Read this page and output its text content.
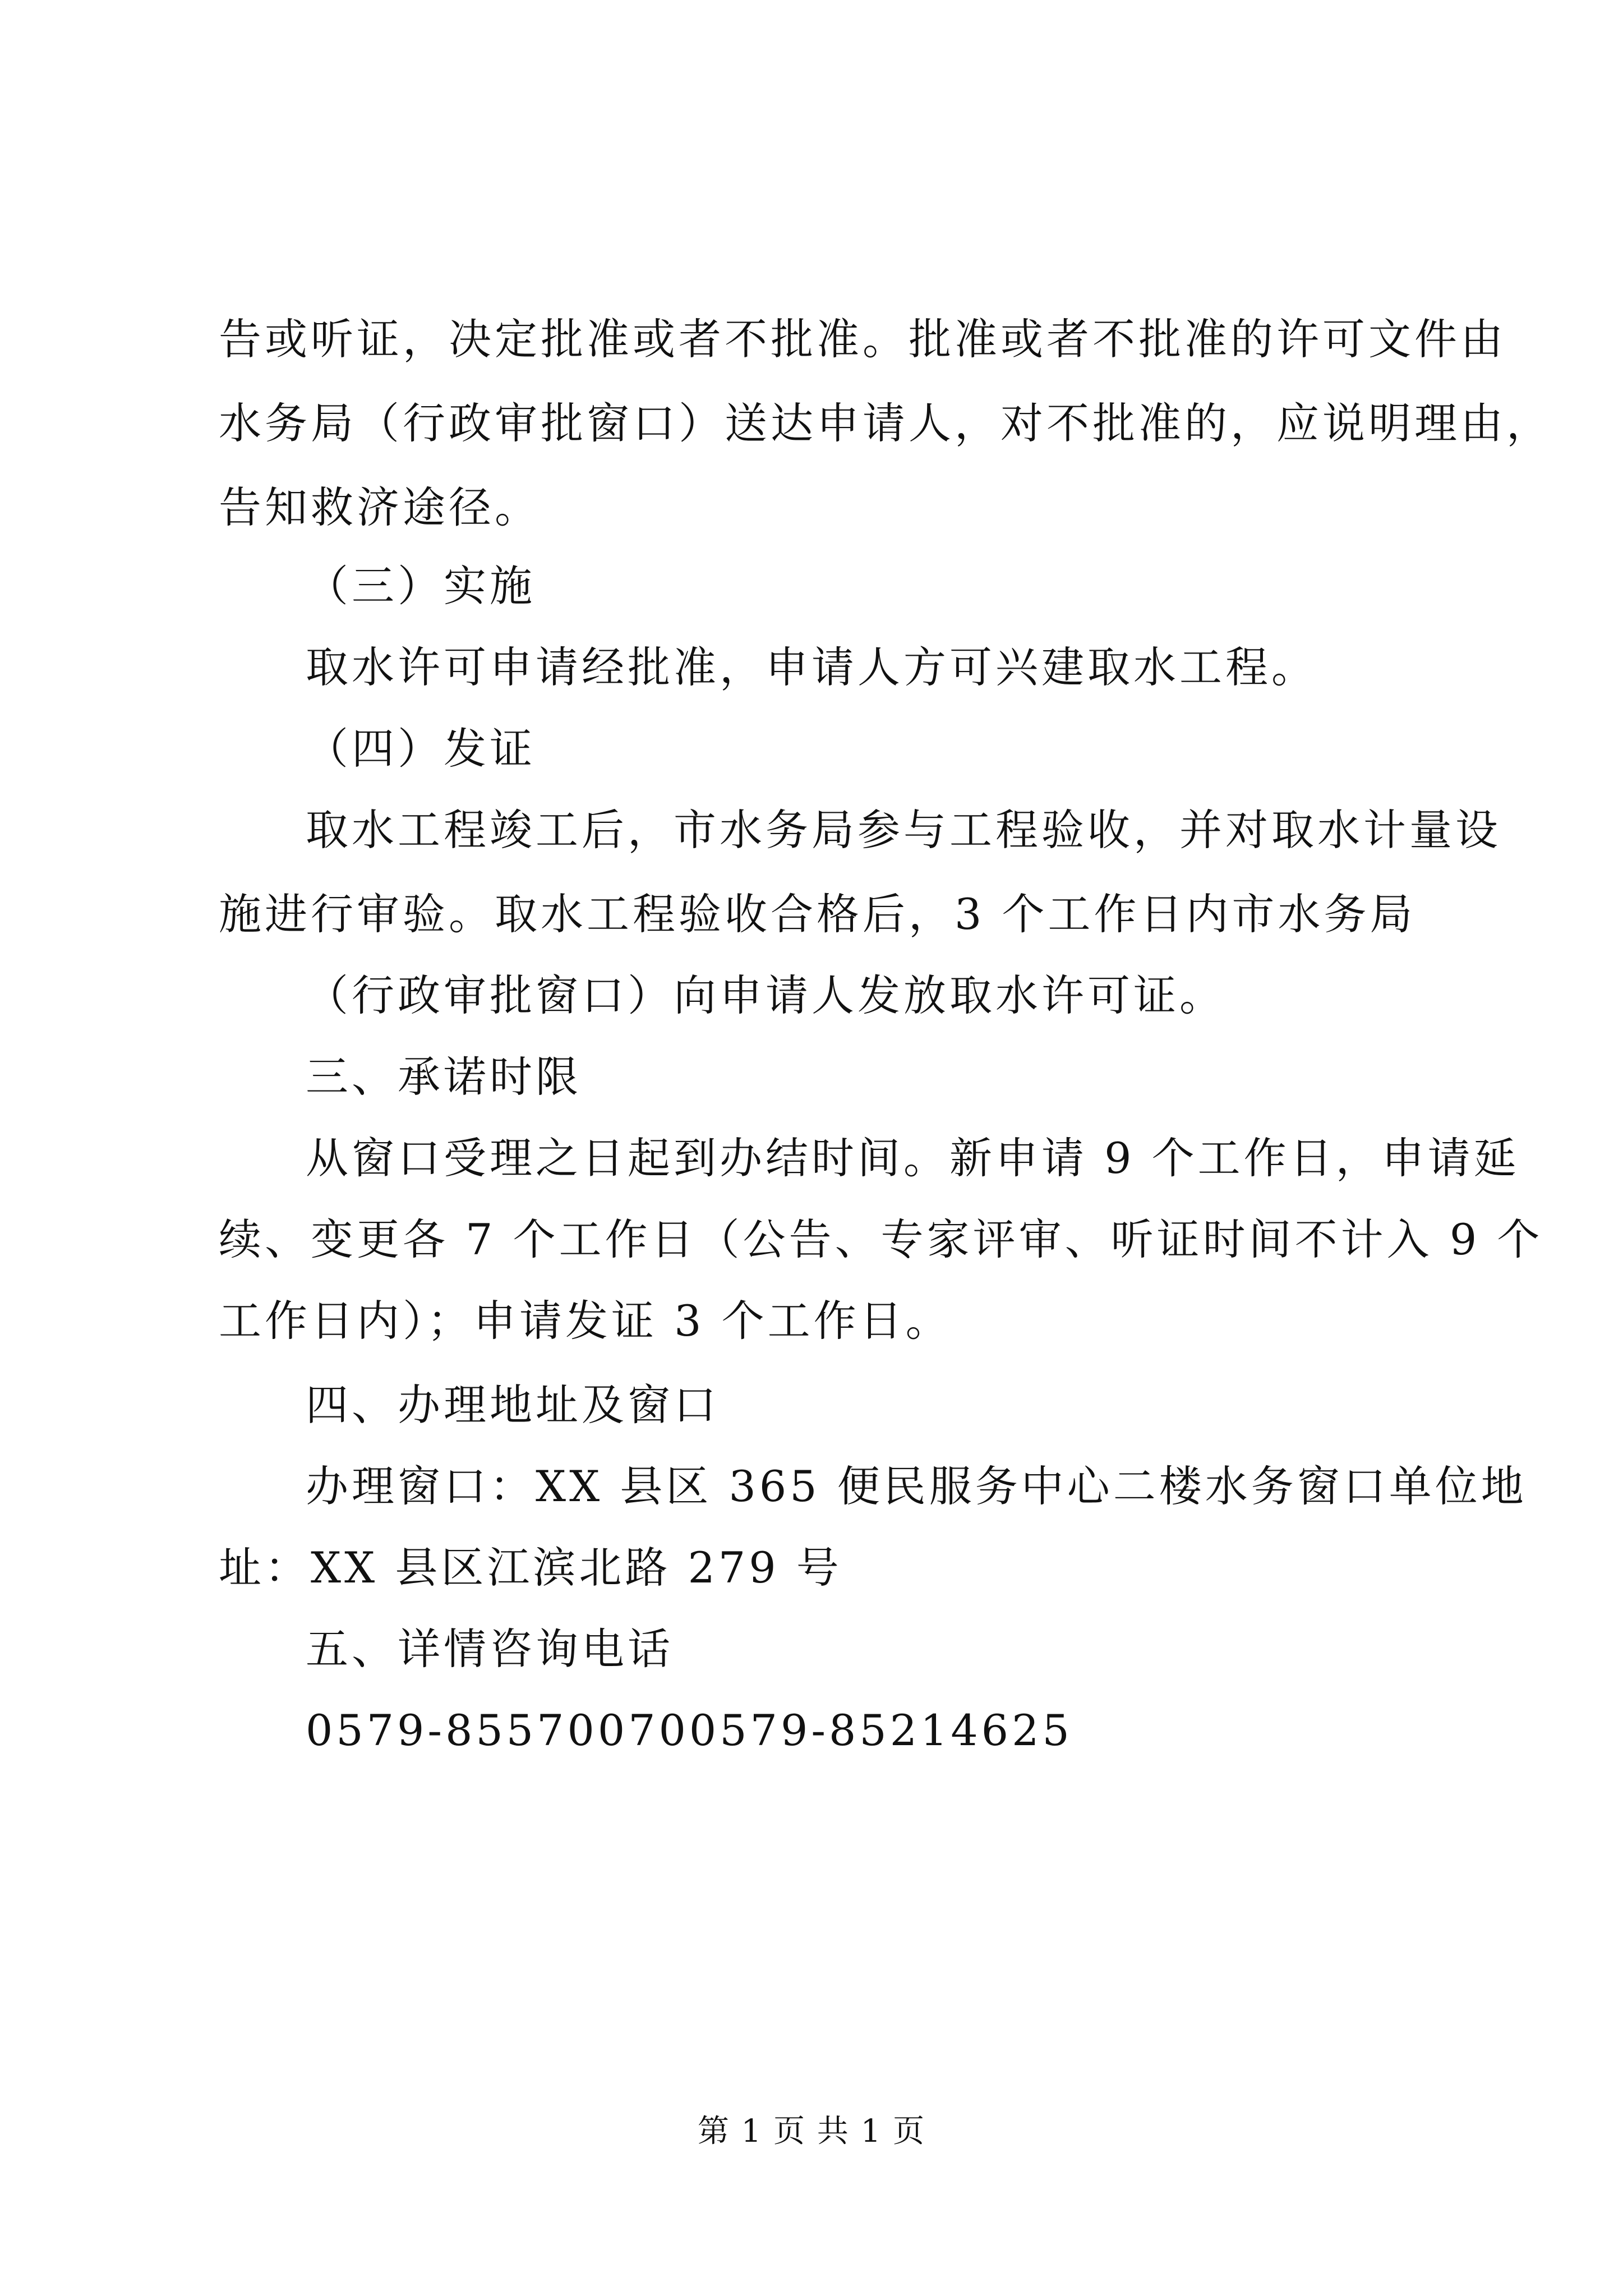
告或听证，决定批准或者不批准。批准或者不批准的许可文件由
水务局（行政审批窗口）送达申请人，对不批准的，应说明理由，
告知救济途径。
（三）实施
取水许可申请经批准，申请人方可兴建取水工程。
（四）发证
取水工程竣工后，市水务局参与工程验收，并对取水计量设
施进行审验。取水工程验收合格后，3 个工作日内市水务局
（行政审批窗口）向申请人发放取水许可证。
三、承诺时限
从窗口受理之日起到办结时间。新申请 9 个工作日，申请延
续、变更各 7 个工作日（公告、专家评审、听证时间不计入 9 个
工作日内）；申请发证 3 个工作日。
四、办理地址及窗口
办理窗口：XX 县区 365 便民服务中心二楼水务窗口单位地
址：XX 县区江滨北路 279 号
五、详情咨询电话
0579-855700700579-85214625
第 1 页 共 1 页
